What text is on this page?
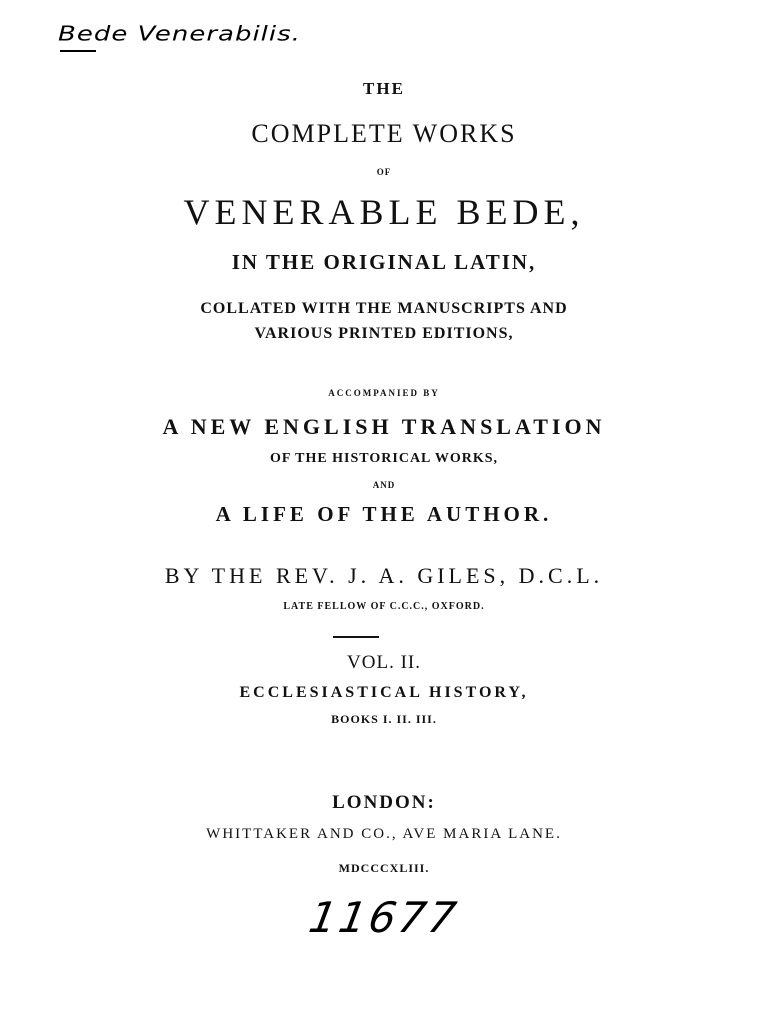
Bede Venerabilis.
THE
COMPLETE WORKS
OF
VENERABLE BEDE,
IN THE ORIGINAL LATIN,
COLLATED WITH THE MANUSCRIPTS AND
VARIOUS PRINTED EDITIONS,
ACCOMPANIED BY
A NEW ENGLISH TRANSLATION
OF THE HISTORICAL WORKS,
AND
A LIFE OF THE AUTHOR.
BY THE REV. J. A. GILES, D.C.L.
LATE FELLOW OF C.C.C., OXFORD.
VOL. II.
ECCLESIASTICAL HISTORY,
BOOKS I. II. III.
LONDON:
WHITTAKER AND CO., AVE MARIA LANE.
MDCCCXLIII.
11677
